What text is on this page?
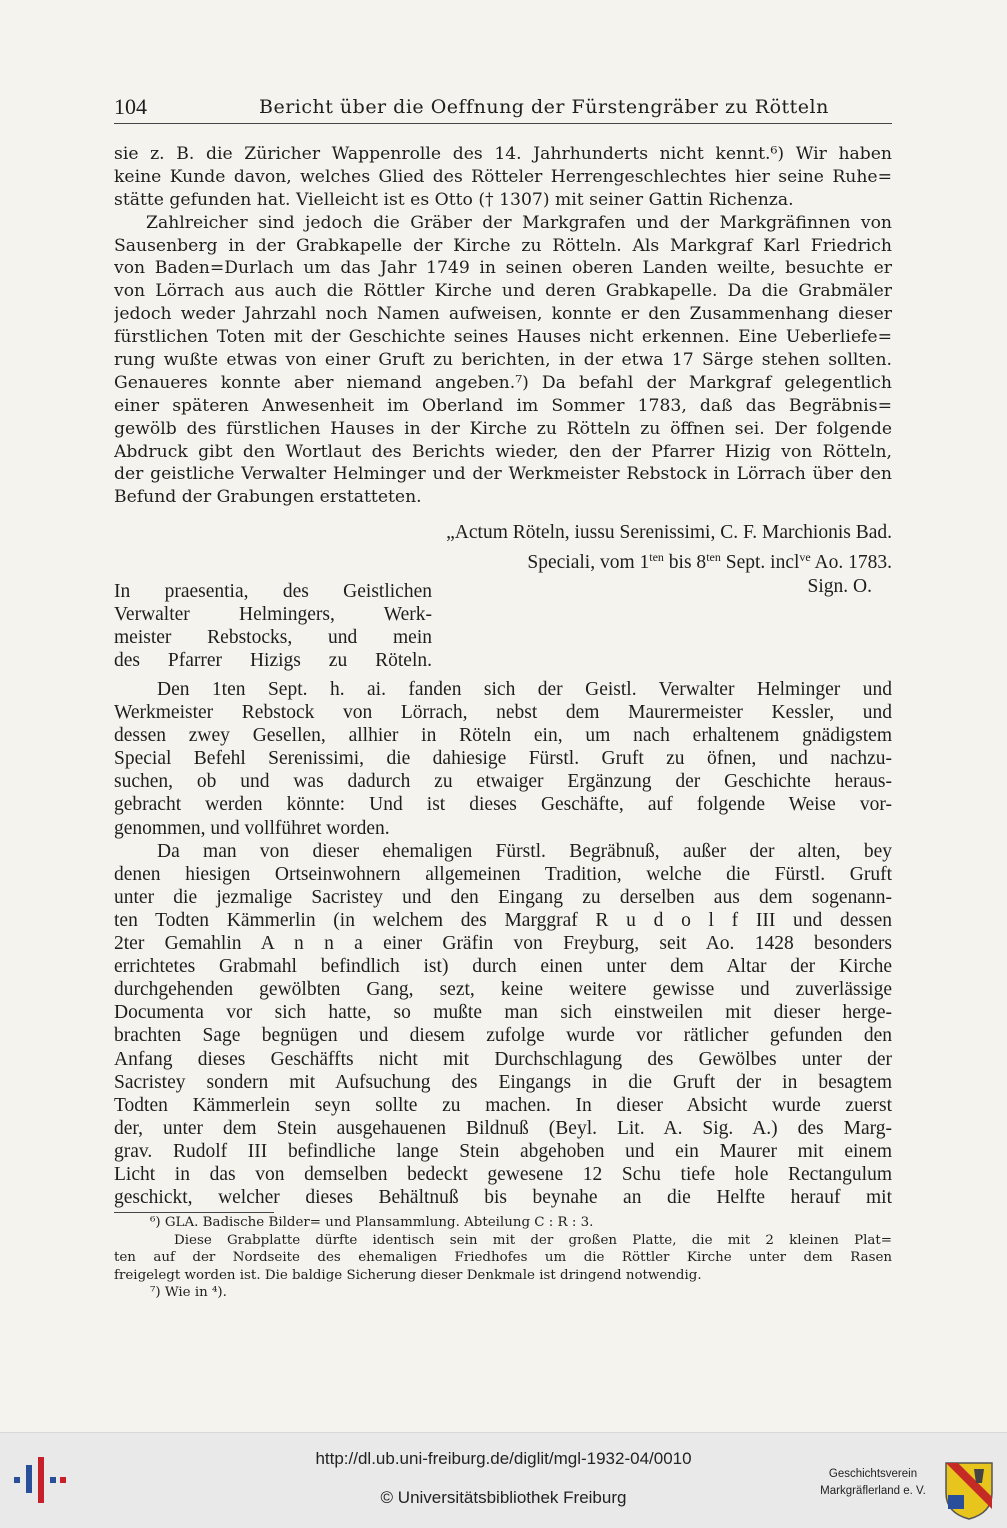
104	Bericht über die Oeffnung der Fürstengräber zu Rötteln
sie z. B. die Züricher Wappenrolle des 14. Jahrhunderts nicht kennt.⁶) Wir haben
keine Kunde davon, welches Glied des Rötteler Herrengeschlechtes hier seine Ruhe=
stätte gefunden hat. Vielleicht ist es Otto († 1307) mit seiner Gattin Richenza.
Zahlreicher sind jedoch die Gräber der Markgrafen und der Markgräfinnen von
Sausenberg in der Grabkapelle der Kirche zu Rötteln. Als Markgraf Karl Friedrich
von Baden=Durlach um das Jahr 1749 in seinen oberen Landen weilte, besuchte er
von Lörrach aus auch die Röttler Kirche und deren Grabkapelle. Da die Grabmäler
jedoch weder Jahrzahl noch Namen aufweisen, konnte er den Zusammenhang dieser
fürstlichen Toten mit der Geschichte seines Hauses nicht erkennen. Eine Ueberliefe=
rung wußte etwas von einer Gruft zu berichten, in der etwa 17 Särge stehen sollten.
Genaueres konnte aber niemand angeben.⁷) Da befahl der Markgraf gelegentlich
einer späteren Anwesenheit im Oberland im Sommer 1783, daß das Begräbnis=
gewölb des fürstlichen Hauses in der Kirche zu Rötteln zu öffnen sei. Der folgende
Abdruck gibt den Wortlaut des Berichts wieder, den der Pfarrer Hizig von Rötteln,
der geistliche Verwalter Helminger und der Werkmeister Rebstock in Lörrach über den
Befund der Grabungen erstatteten.
„Actum Röteln, iussu Serenissimi, C. F. Marchionis Bad.
Speciali, vom $1^{ten}$ bis $8^{ten}$ Sept. incl$^{ve}$ Ao. 1783.
Sign. O.
In praesentia, des Geistlichen
Verwalter Helmingers, Werk-
meister Rebstocks, und mein
des Pfarrer Hizigs zu Röteln.
Den 1ten Sept. h. ai. fanden sich der Geistl. Verwalter Helminger und
Werkmeister Rebstock von Lörrach, nebst dem Maurermeister Kessler, und
dessen zwey Gesellen, allhier in Röteln ein, um nach erhaltenem gnädigstem
Special Befehl Serenissimi, die dahiesige Fürstl. Gruft zu öfnen, und nachzu-
suchen, ob und was dadurch zu etwaiger Ergänzung der Geschichte heraus-
gebracht werden könnte: Und ist dieses Geschäfte, auf folgende Weise vor-
genommen, und vollführet worden.
Da man von dieser ehemaligen Fürstl. Begräbnuß, außer der alten, bey
denen hiesigen Ortseinwohnern allgemeinen Tradition, welche die Fürstl. Gruft
unter die jezmalige Sacristey und den Eingang zu derselben aus dem sogenann-
ten Todten Kämmerlin (in welchem des Marggraf R u d o l f III und dessen
2ter Gemahlin A n n a einer Gräfin von Freyburg, seit Ao. 1428 besonders
errichtetes Grabmahl befindlich ist) durch einen unter dem Altar der Kirche
durchgehenden gewölbten Gang, sezt, keine weitere gewisse und zuverlässige
Documenta vor sich hatte, so mußte man sich einstweilen mit dieser herge-
brachten Sage begnügen und diesem zufolge wurde vor rätlicher gefunden den
Anfang dieses Geschäffts nicht mit Durchschlagung des Gewölbes unter der
Sacristey sondern mit Aufsuchung des Eingangs in die Gruft der in besagtem
Todten Kämmerlein seyn sollte zu machen. In dieser Absicht wurde zuerst
der, unter dem Stein ausgehauenen Bildnuß (Beyl. Lit. A. Sig. A.) des Marg-
grav. Rudolf III befindliche lange Stein abgehoben und ein Maurer mit einem
Licht in das von demselben bedeckt gewesene 12 Schu tiefe hole Rectangulum
geschickt, welcher dieses Behältnuß bis beynahe an die Helfte herauf mit
⁶) GLA. Badische Bilder= und Plansammlung. Abteilung C : R : 3.
Diese Grabplatte dürfte identisch sein mit der großen Platte, die mit 2 kleinen Plat=
ten auf der Nordseite des ehemaligen Friedhofes um die Röttler Kirche unter dem Rasen
freigelegt worden ist. Die baldige Sicherung dieser Denkmale ist dringend notwendig.
⁷) Wie in ⁴).
http://dl.ub.uni-freiburg.de/diglit/mgl-1932-04/0010
© Universitätsbibliothek Freiburg
Geschichtsverein
Markgräflerland e. V.
